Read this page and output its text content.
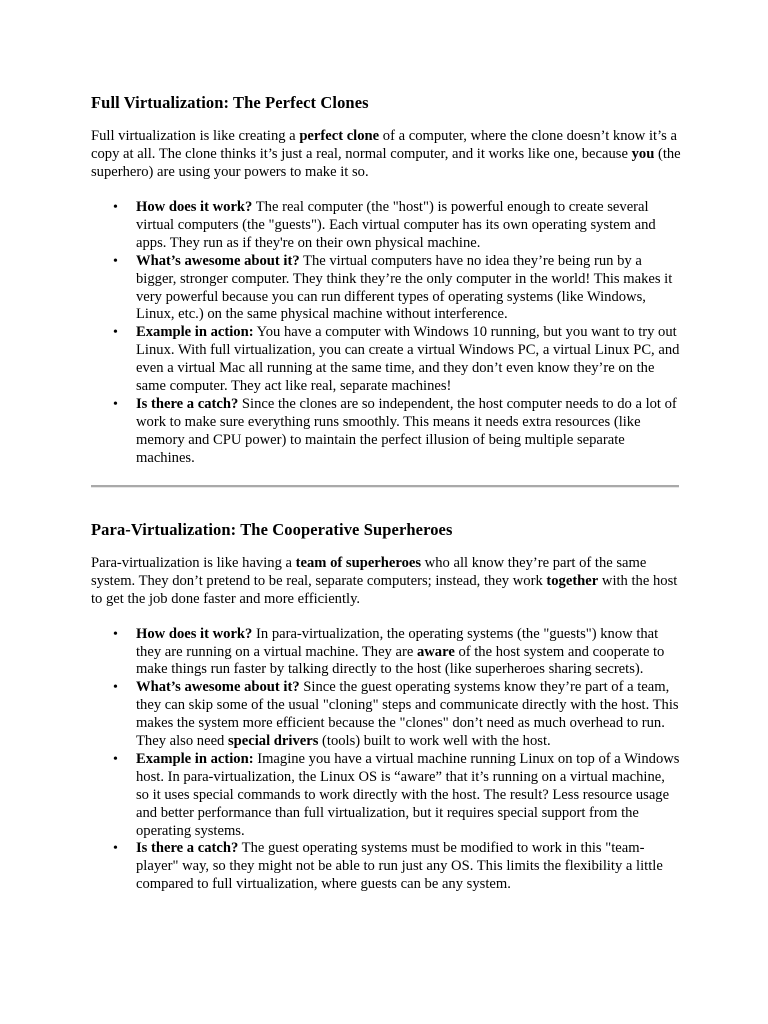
Full Virtualization: The Perfect Clones

Full virtualization is like creating a perfect clone of a computer, where the clone doesn’t know it’s a copy at all. The clone thinks it’s just a real, normal computer, and it works like one, because you (the superhero) are using your powers to make it so.

• How does it work? The real computer (the "host") is powerful enough to create several virtual computers (the "guests"). Each virtual computer has its own operating system and apps. They run as if they're on their own physical machine.
• What’s awesome about it? The virtual computers have no idea they’re being run by a bigger, stronger computer. They think they’re the only computer in the world! This makes it very powerful because you can run different types of operating systems (like Windows, Linux, etc.) on the same physical machine without interference.
• Example in action: You have a computer with Windows 10 running, but you want to try out Linux. With full virtualization, you can create a virtual Windows PC, a virtual Linux PC, and even a virtual Mac all running at the same time, and they don’t even know they’re on the same computer. They act like real, separate machines!
• Is there a catch? Since the clones are so independent, the host computer needs to do a lot of work to make sure everything runs smoothly. This means it needs extra resources (like memory and CPU power) to maintain the perfect illusion of being multiple separate machines.
Para-Virtualization: The Cooperative Superheroes

Para-virtualization is like having a team of superheroes who all know they’re part of the same system. They don’t pretend to be real, separate computers; instead, they work together with the host to get the job done faster and more efficiently.

• How does it work? In para-virtualization, the operating systems (the "guests") know that they are running on a virtual machine. They are aware of the host system and cooperate to make things run faster by talking directly to the host (like superheroes sharing secrets).
• What’s awesome about it? Since the guest operating systems know they’re part of a team, they can skip some of the usual "cloning" steps and communicate directly with the host. This makes the system more efficient because the "clones" don’t need as much overhead to run. They also need special drivers (tools) built to work well with the host.
• Example in action: Imagine you have a virtual machine running Linux on top of a Windows host. In para-virtualization, the Linux OS is “aware” that it’s running on a virtual machine, so it uses special commands to work directly with the host. The result? Less resource usage and better performance than full virtualization, but it requires special support from the operating systems.
• Is there a catch? The guest operating systems must be modified to work in this "team-player" way, so they might not be able to run just any OS. This limits the flexibility a little compared to full virtualization, where guests can be any system.
